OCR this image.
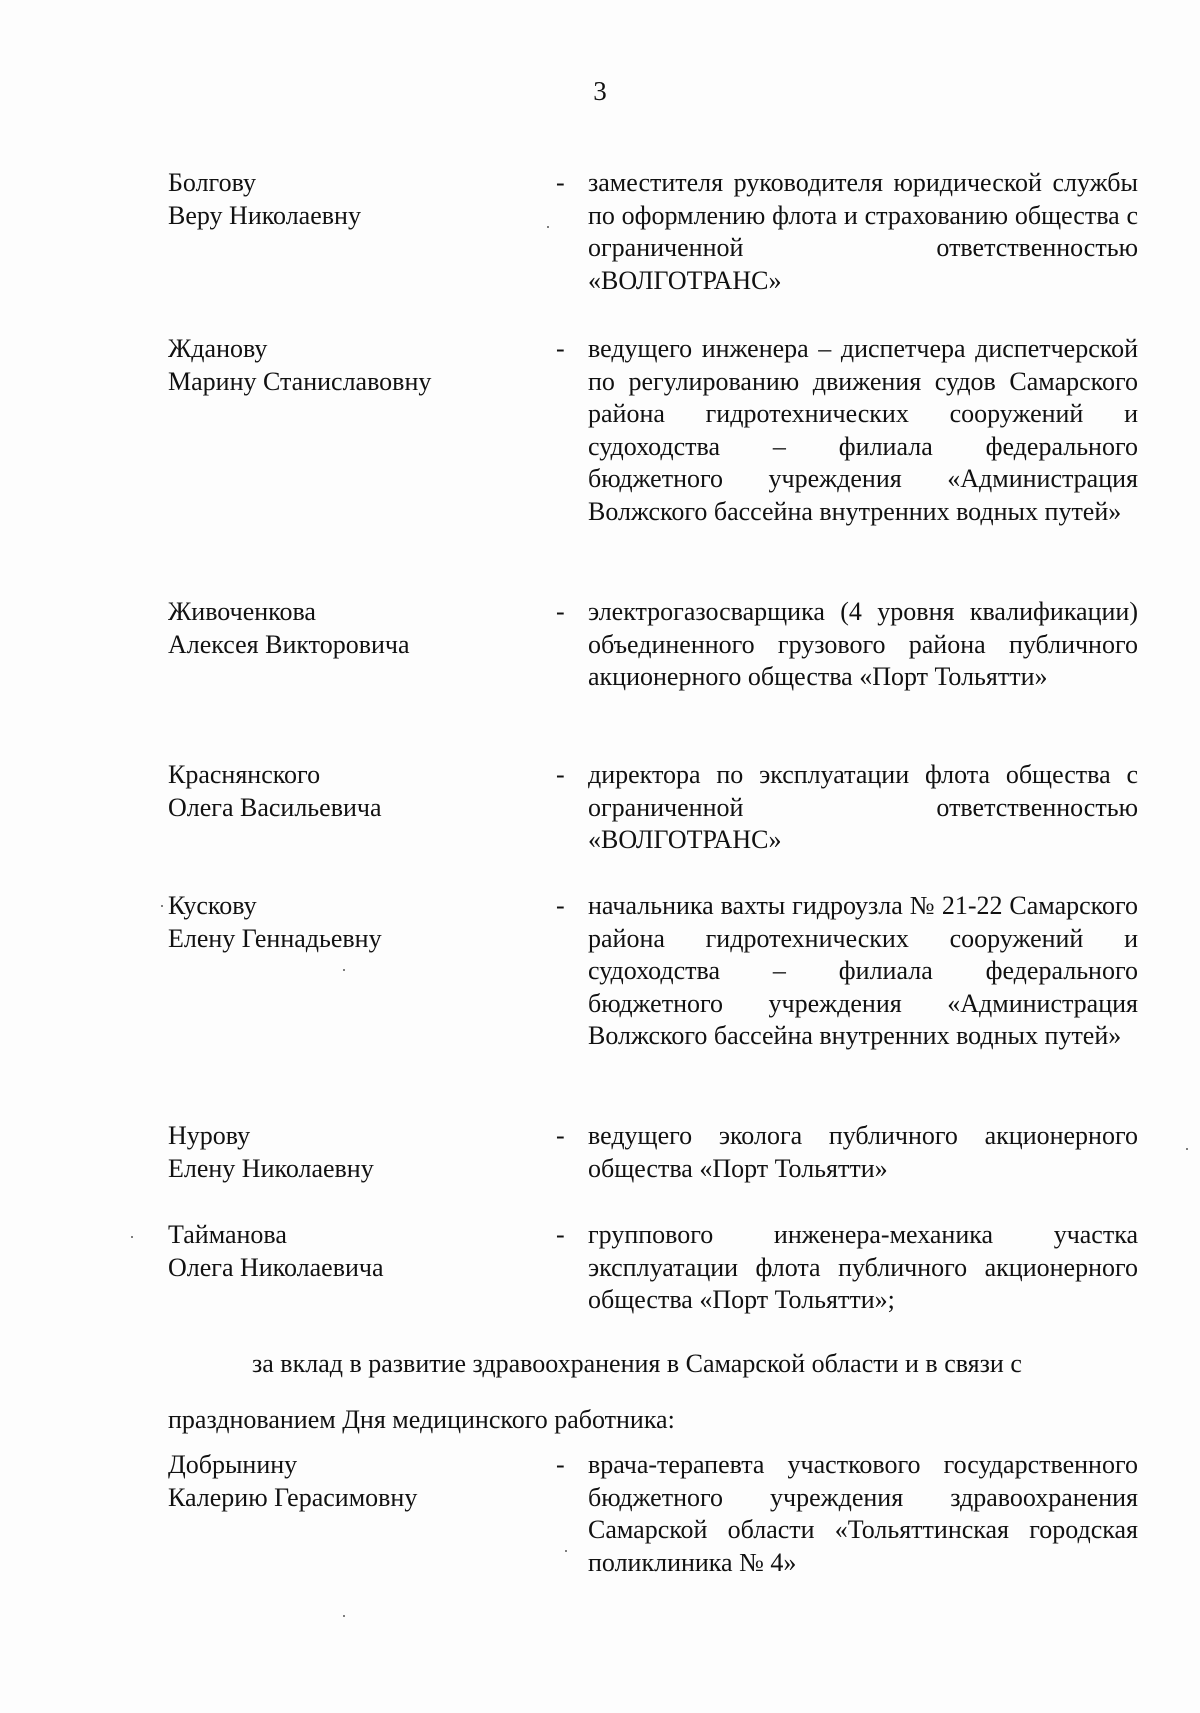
3
Болгову
Веру Николаевну
- заместителя руководителя юридической службы по оформлению флота и страхованию общества с ограниченной ответственностью «ВОЛГОТРАНС»
Жданову
Марину Станиславовну
- ведущего инженера – диспетчера диспетчерской по регулированию движения судов Самарского района гидротехнических сооружений и судоходства – филиала федерального бюджетного учреждения «Администрация Волжского бассейна внутренних водных путей»
Живоченкова
Алексея Викторовича
- электрогазосварщика (4 уровня квалификации) объединенного грузового района публичного акционерного общества «Порт Тольятти»
Краснянского
Олега Васильевича
- директора по эксплуатации флота общества с ограниченной ответственностью «ВОЛГОТРАНС»
Кускову
Елену Геннадьевну
- начальника вахты гидроузла № 21-22 Самарского района гидротехнических сооружений и судоходства – филиала федерального бюджетного учреждения «Администрация Волжского бассейна внутренних водных путей»
Нурову
Елену Николаевну
- ведущего эколога публичного акционерного общества «Порт Тольятти»
Тайманова
Олега Николаевича
- группового инженера-механика участка эксплуатации флота публичного акционерного общества «Порт Тольятти»;
за вклад в развитие здравоохранения в Самарской области и в связи с
празднованием Дня медицинского работника:
Добрынину
Калерию Герасимовну
- врача-терапевта участкового государственного бюджетного учреждения здравоохранения Самарской области «Тольяттинская городская поликлиника № 4»
